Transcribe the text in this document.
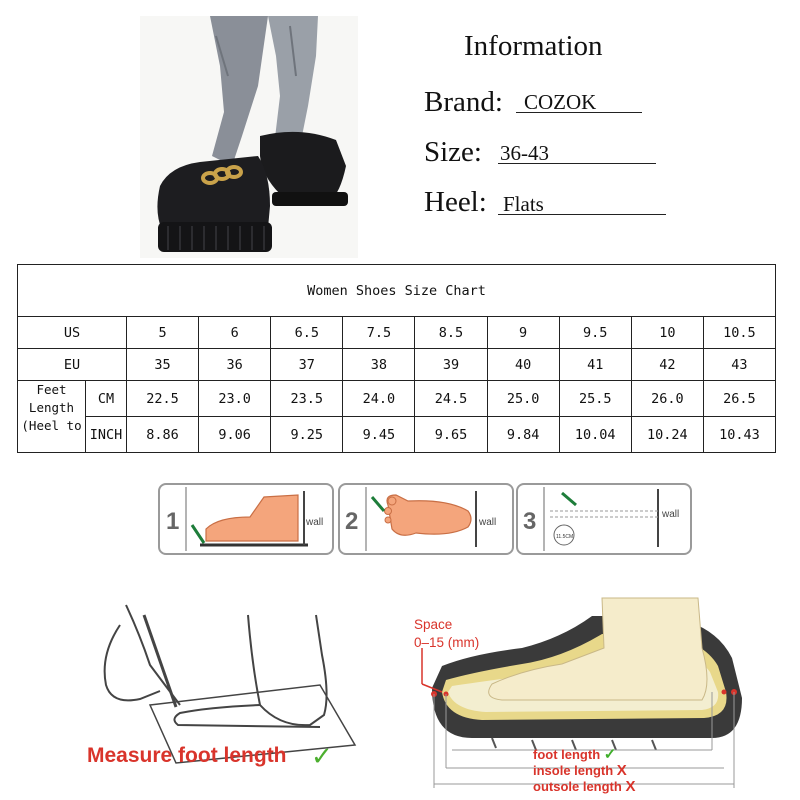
Information
Brand: COZOK
Size: 36-43
Heel: Flats
Women Shoes Size Chart										
US		5	6	6.5	7.5	8.5	9	9.5	10	10.5
EU		35	36	37	38	39	40	41	42	43

Feet Length (Heel to	CM	22.5	23.0	23.5	24.0	24.5	25.0	25.5	26.0	26.5
	INCH	8.86	9.06	9.25	9.45	9.65	9.84	10.04	10.24	10.43
1	wall 2	wall 3
11.5CM
wall
Measure foot length ✓
Space
0–15 (mm)
foot length ✓
insole length X
outsole length X
